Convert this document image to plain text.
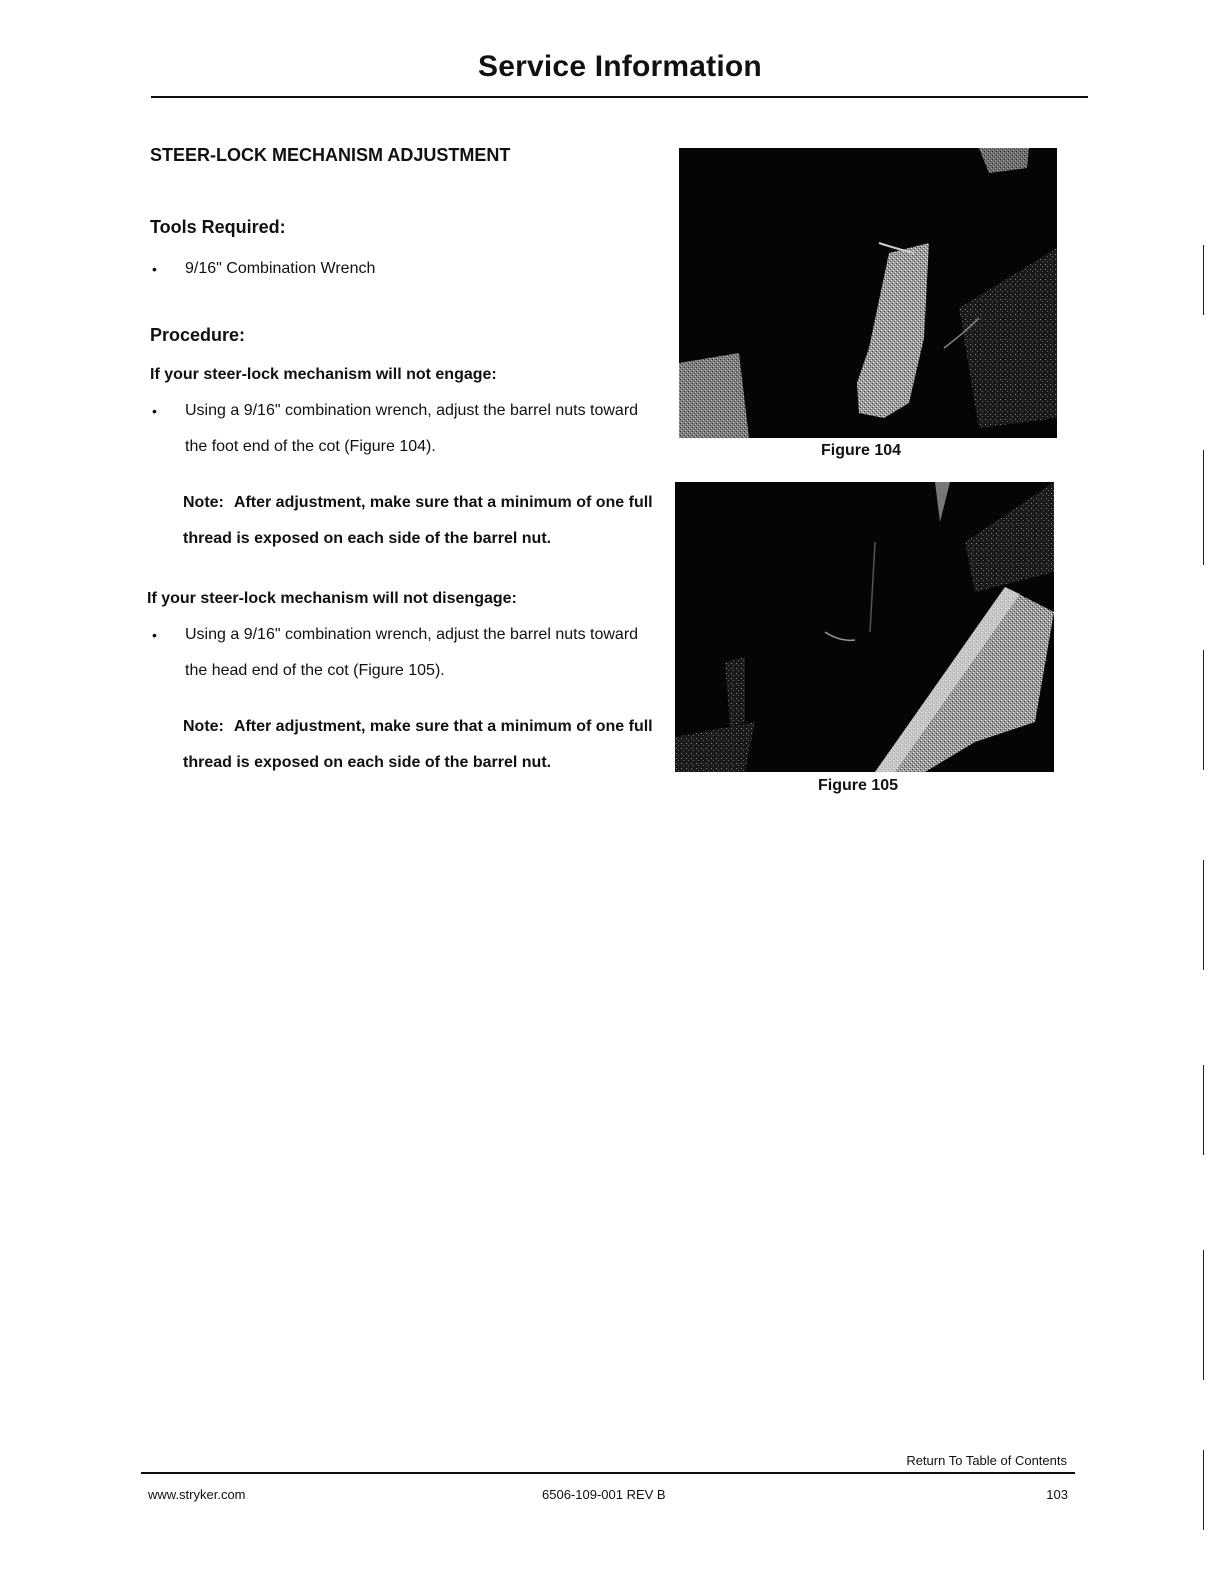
Service Information
STEER-LOCK MECHANISM ADJUSTMENT
Tools Required:
• 9/16" Combination Wrench
Procedure:
If your steer-lock mechanism will not engage:
• Using a 9/16" combination wrench, adjust the barrel nuts toward the foot end of the cot (Figure 104).
Note: After adjustment, make sure that a minimum of one full thread is exposed on each side of the barrel nut.
If your steer-lock mechanism will not disengage:
• Using a 9/16" combination wrench, adjust the barrel nuts toward the head end of the cot (Figure 105).
Note: After adjustment, make sure that a minimum of one full thread is exposed on each side of the barrel nut.
Figure 104
Figure 105
Return To Table of Contents
www.stryker.com	6506-109-001 REV B	103
